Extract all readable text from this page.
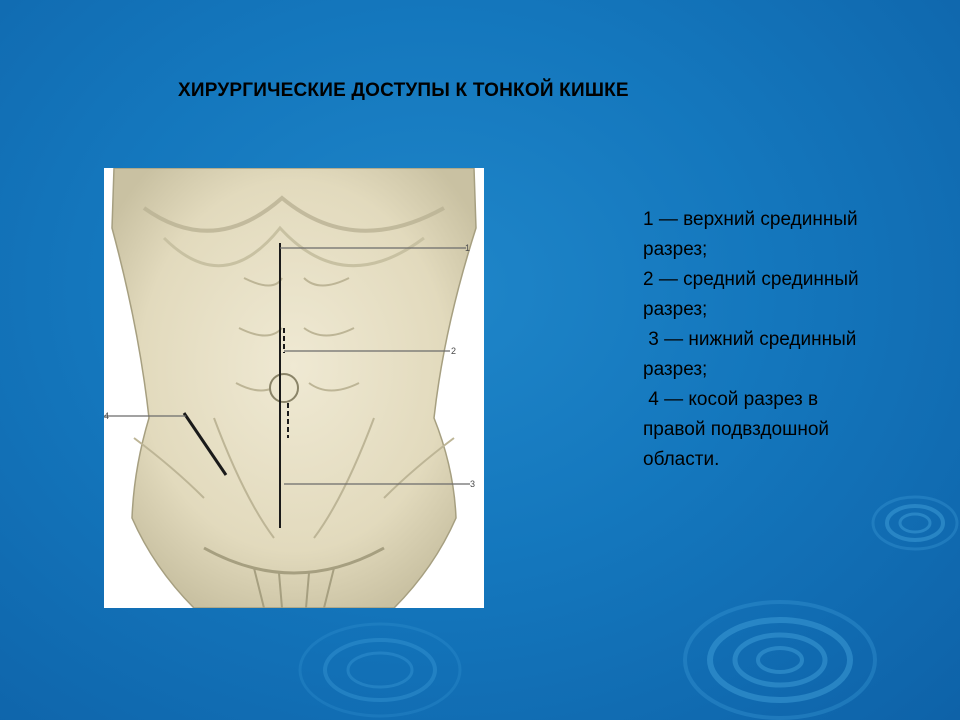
ХИРУРГИЧЕСКИЕ ДОСТУПЫ К ТОНКОЙ КИШКЕ
1
2
3
4
1 — верхний срединный
разрез;
2 — средний срединный
разрез;
3 — нижний срединный
разрез;
4 — косой разрез в
правой подвздошной
области.
